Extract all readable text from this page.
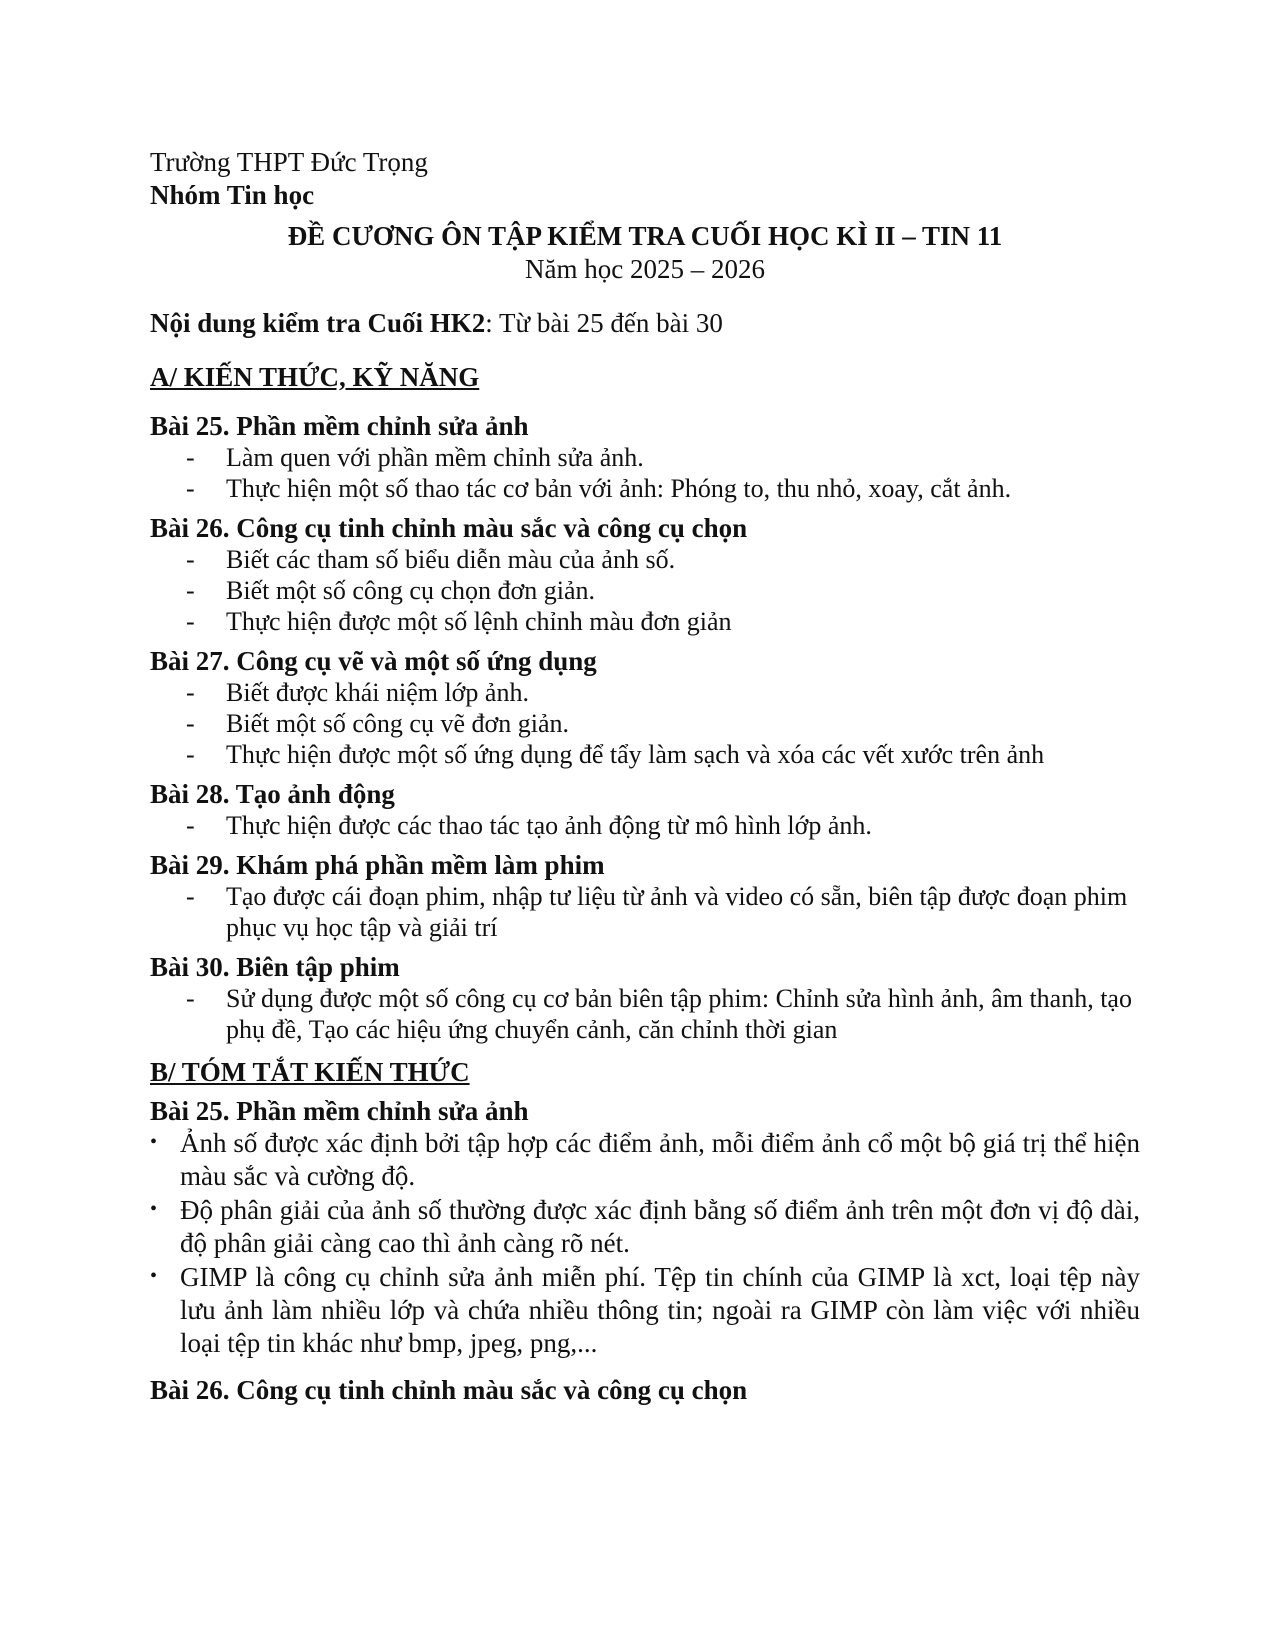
Trường THPT Đức Trọng
Nhóm Tin học
ĐỀ CƯƠNG ÔN TẬP KIỂM TRA CUỐI HỌC KÌ II – TIN 11
Năm học 2025 – 2026
Nội dung kiểm tra Cuối HK2: Từ bài 25 đến bài 30
A/ KIẾN THỨC, KỸ NĂNG
Bài 25. Phần mềm chỉnh sửa ảnh
- Làm quen với phần mềm chỉnh sửa ảnh.
- Thực hiện một số thao tác cơ bản với ảnh: Phóng to, thu nhỏ, xoay, cắt ảnh.
Bài 26. Công cụ tinh chỉnh màu sắc và công cụ chọn
- Biết các tham số biểu diễn màu của ảnh số.
- Biết một số công cụ chọn đơn giản.
- Thực hiện được một số lệnh chỉnh màu đơn giản
Bài 27. Công cụ vẽ và một số ứng dụng
- Biết được khái niệm lớp ảnh.
- Biết một số công cụ vẽ đơn giản.
- Thực hiện được một số ứng dụng để tẩy làm sạch và xóa các vết xước trên ảnh
Bài 28. Tạo ảnh động
- Thực hiện được các thao tác tạo ảnh động từ mô hình lớp ảnh.
Bài 29. Khám phá phần mềm làm phim
- Tạo được cái đoạn phim, nhập tư liệu từ ảnh và video có sẵn, biên tập được đoạn phim phục vụ học tập và giải trí
Bài 30. Biên tập phim
- Sử dụng được một số công cụ cơ bản biên tập phim: Chỉnh sửa hình ảnh, âm thanh, tạo phụ đề, Tạo các hiệu ứng chuyển cảnh, căn chỉnh thời gian
B/ TÓM TẮT KIẾN THỨC
Bài 25. Phần mềm chỉnh sửa ảnh
• Ảnh số được xác định bởi tập hợp các điểm ảnh, mỗi điểm ảnh cổ một bộ giá trị thể hiện màu sắc và cường độ.
• Độ phân giải của ảnh số thường được xác định bằng số điểm ảnh trên một đơn vị độ dài, độ phân giải càng cao thì ảnh càng rõ nét.
• GIMP là công cụ chỉnh sửa ảnh miễn phí. Tệp tin chính của GIMP là xct, loại tệp này lưu ảnh làm nhiều lớp và chứa nhiều thông tin; ngoài ra GIMP còn làm việc với nhiều loại tệp tin khác như bmp, jpeg, png,...
Bài 26. Công cụ tinh chỉnh màu sắc và công cụ chọn
